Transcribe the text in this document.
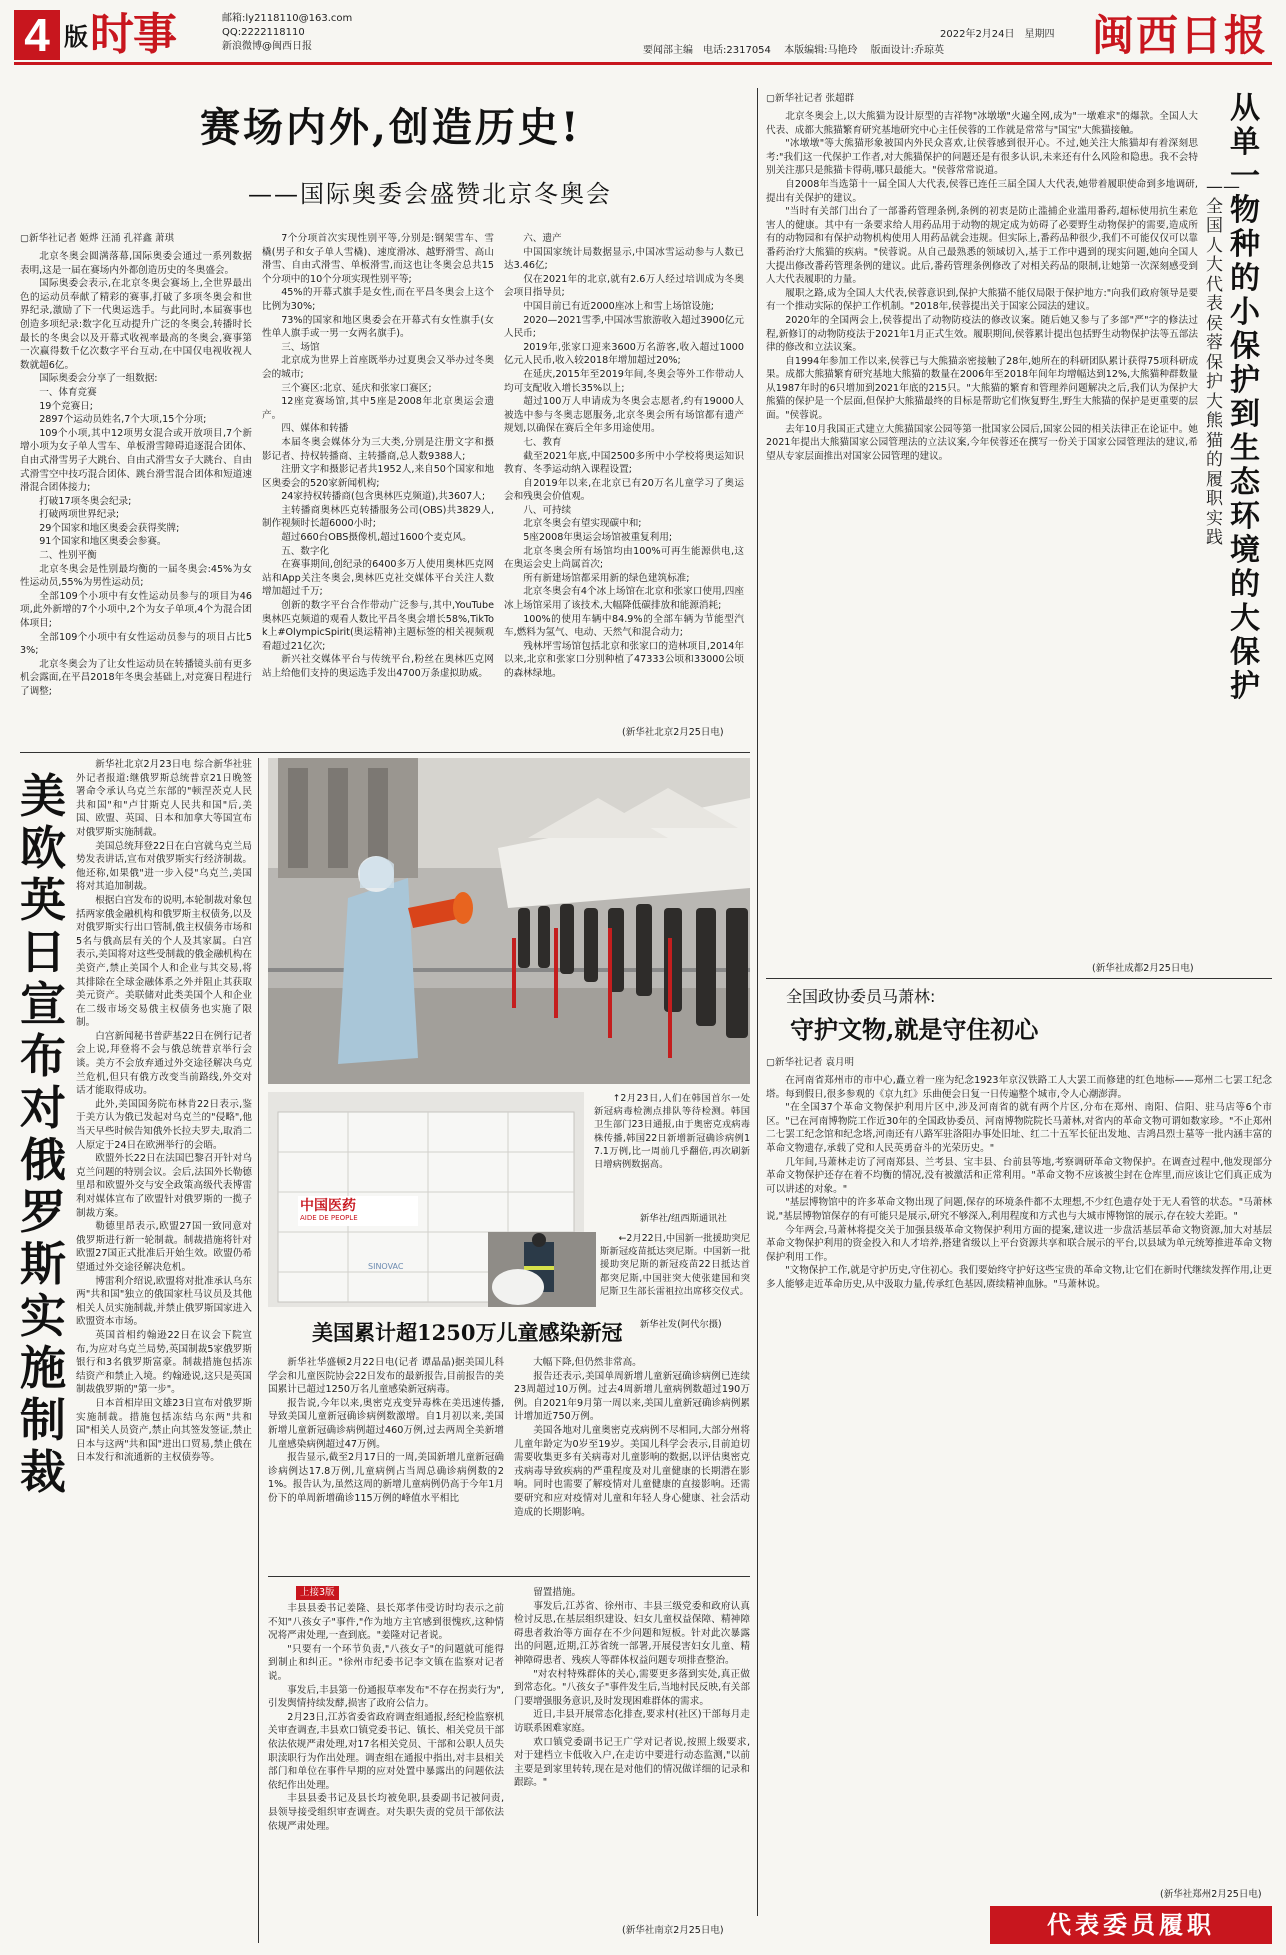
4 版 时事	邮箱:ly2118110@163.com
QQ:2222118110
新浪微博@闽西日报
2022年2月24日　星期四
要闻部主编　电话:2317054　 本版编辑:马艳玲　 版面设计:乔琼英	闽西日报
赛场内外,创造历史!
——国际奥委会盛赞北京冬奥会
▢新华社记者 姬烨 汪涌 孔祥鑫 萧琪

北京冬奥会圆满落幕,国际奥委会通过一系列数据表明,这是一届在赛场内外都创造历史的冬奥盛会。

国际奥委会表示,在北京冬奥会赛场上,全世界最出色的运动员奉献了精彩的赛事,打破了多项冬奥会和世界纪录,激励了下一代奥运选手。与此同时,本届赛事也创造多项纪录:数字化互动提升广泛的冬奥会,转播时长最长的冬奥会以及开幕式收视率最高的冬奥会,赛事第一次赢得数千亿次数字平台互动,在中国仅电视收视人数就超6亿。

国际奥委会分享了一组数据:

一、体育竞赛

19个竞赛日;

2897个运动员姓名,7个大项,15个分项;

109个小项,其中12项男女混合或开放项目,7个新增小项为女子单人雪车、单板滑雪障碍追逐混合团体、自由式滑雪男子大跳台、自由式滑雪女子大跳台、自由式滑雪空中技巧混合团体、跳台滑雪混合团体和短道速滑混合团体接力;

打破17项冬奥会纪录;

打破两项世界纪录;

29个国家和地区奥委会获得奖牌;

91个国家和地区奥委会参赛。

二、性别平衡

北京冬奥会是性别最均衡的一届冬奥会:45%为女性运动员,55%为男性运动员;

全部109个小项中有女性运动员参与的项目为46项,此外新增的7个小项中,2个为女子单项,4个为混合团体项目;

全部109个小项中有女性运动员参与的项目占比53%;

北京冬奥会为了让女性运动员在转播镜头前有更多机会露面,在平昌2018年冬奥会基础上,对竞赛日程进行了调整;

7个分项首次实现性别平等,分别是:钢架雪车、雪橇(男子和女子单人雪橇)、速度滑冰、越野滑雪、高山滑雪、自由式滑雪、单板滑雪,而这也让冬奥会总共15个分项中的10个分项实现性别平等;

45%的开幕式旗手是女性,而在平昌冬奥会上这个比例为30%;

73%的国家和地区奥委会在开幕式有女性旗手(女性单人旗手或一男一女两名旗手)。

三、场馆

北京成为世界上首座既举办过夏奥会又举办过冬奥会的城市;

三个赛区:北京、延庆和张家口赛区;

12座竞赛场馆,其中5座是2008年北京奥运会遗产。

四、媒体和转播

本届冬奥会媒体分为三大类,分别是注册文字和摄影记者、持权转播商、主转播商,总人数9388人;

注册文字和摄影记者共1952人,来自50个国家和地区奥委会的520家新闻机构;

24家持权转播商(包含奥林匹克频道),共3607人;

主转播商奥林匹克转播服务公司(OBS)共3829人,制作视频时长超6000小时;

超过660台OBS摄像机,超过1600个麦克风。

五、数字化

在赛事期间,创纪录的6400多万人使用奥林匹克网站和App关注冬奥会,奥林匹克社交媒体平台关注人数增加超过千万;

创新的数字平台合作带动广泛参与,其中,YouTube奥林匹克频道的观看人数比平昌冬奥会增长58%,TikTok上#OlympicSpirit(奥运精神)主题标签的相关视频观看超过21亿次;

新兴社交媒体平台与传统平台,粉丝在奥林匹克网站上给他们支持的奥运选手发出4700万条虚拟助威。

六、遗产

中国国家统计局数据显示,中国冰雪运动参与人数已达3.46亿;

仅在2021年的北京,就有2.6万人经过培训成为冬奥会项目指导员;

中国目前已有近2000座冰上和雪上场馆设施;

2020—2021雪季,中国冰雪旅游收入超过3900亿元人民币;

2019年,张家口迎来3600万名游客,收入超过1000亿元人民币,收入较2018年增加超过20%;

在延庆,2015年至2019年间,冬奥会等外工作带动人均可支配收入增长35%以上;

超过100万人申请成为冬奥会志愿者,约有19000人被选中参与冬奥志愿服务,北京冬奥会所有场馆都有遗产规划,以确保在赛后全年多用途使用。

七、教育

截至2021年底,中国2500多所中小学校将奥运知识教育、冬季运动纳入课程设置;

自2019年以来,在北京已有20万名儿童学习了奥运会和残奥会价值观。

八、可持续

北京冬奥会有望实现碳中和;

5座2008年奥运会场馆被重复利用;

北京冬奥会所有场馆均由100%可再生能源供电,这在奥运会史上尚属首次;

所有新建场馆都采用新的绿色建筑标准;

北京冬奥会有4个冰上场馆在北京和张家口使用,四座冰上场馆采用了该技术,大幅降低碳排放和能源消耗;

100%的使用车辆中84.9%的全部车辆为节能型汽车,燃料为氢气、电动、天然气和混合动力;

残林坪雪场馆包括北京和张家口的造林项目,2014年以来,北京和张家口分别种植了47333公顷和33000公顷的森林绿地。

(新华社北京2月25日电)
▢新华社记者 张超群	从单一物种的小保护到生态环境的大保护
——全国人大代表侯蓉保护大熊猫的履职实践

北京冬奥会上,以大熊猫为设计原型的吉祥物"冰墩墩"火遍全网,成为"一墩难求"的爆款。全国人大代表、成都大熊猫繁育研究基地研究中心主任侯蓉的工作就是常常与"国宝"大熊猫接触。

"冰墩墩"等大熊猫形象被国内外民众喜欢,让侯蓉感到很开心。不过,她关注大熊猫却有着深刻思考:"我们这一代保护工作者,对大熊猫保护的问题还是有很多认识,未来还有什么风险和隐患。我不会特别关注那只是熊猫卡得萌,哪只最能大。"侯蓉常常说道。

自2008年当选第十一届全国人大代表,侯蓉已连任三届全国人大代表,她带着履职使命到多地调研,提出有关保护的建议。

"当时有关部门出台了一部番药管理条例,条例的初衷是防止滥捕企业滥用番药,超标使用抗生素危害人的健康。其中有一条要求给人用药品用于动物的规定成为妨碍了必要野生动物保护的需要,造成所有的动物园和有保护动物机构使用人用药品就会违规。但实际上,番药品种很少,我们不可能仅仅可以靠番药治疗大熊猫的疾病。"侯蓉说。从自己最熟悉的领域切入,基于工作中遇到的现实问题,她向全国人大提出修改番药管理条例的建议。此后,番药管理条例修改了对相关药品的限制,让她第一次深刻感受到人大代表履职的力量。

履职之路,成为全国人大代表,侯蓉意识到,保护大熊猫不能仅局限于保护地方:"向我们政府领导是要有一个推动实际的保护工作机制。"2018年,侯蓉提出关于国家公园法的建议。

2020年的全国两会上,侯蓉提出了动物防疫法的修改议案。随后她又参与了多部"严"字的修法过程,新修订的动物防疫法于2021年1月正式生效。履职期间,侯蓉累计提出包括野生动物保护法等五部法律的修改和立法议案。

自1994年参加工作以来,侯蓉已与大熊猫亲密接触了28年,她所在的科研团队累计获得75项科研成果。成都大熊猫繁育研究基地大熊猫的数量在2006年至2018年间年均增幅达到12%,大熊猫种群数量从1987年时的6只增加到2021年底的215只。"大熊猫的繁育和管理养问题解决之后,我们认为保护大熊猫的保护是一个层面,但保护大熊猫最终的目标是帮助它们恢复野生,野生大熊猫的保护是更重要的层面。"侯蓉说。

去年10月我国正式建立大熊猫国家公园等第一批国家公园后,国家公园的相关法律正在论证中。她2021年提出大熊猫国家公园管理法的立法议案,今年侯蓉还在撰写一份关于国家公园管理法的建议,希望从专家层面推出对国家公园管理的建议。

(新华社成都2月25日电)
全国政协委员马萧林:
守护文物,就是守住初心
▢新华社记者 袁月明

在河南省郑州市的市中心,矗立着一座为纪念1923年京汉铁路工人大罢工而修建的红色地标——郑州二七罢工纪念塔。每到假日,很多参观的《京九红》乐曲便会日复一日传遍整个城市,令人心潮澎湃。

"在全国37个革命文物保护利用片区中,涉及河南省的就有两个片区,分布在郑州、南阳、信阳、驻马店等6个市区。"已在河南博物院工作近30年的全国政协委员、河南博物院院长马萧林,对省内的革命文物可谓如数家珍。"不止郑州二七罢工纪念馆和纪念塔,河南还有八路军驻洛阳办事处旧址、红二十五军长征出发地、吉鸿昌烈士墓等一批内涵丰富的革命文物遗存,承载了党和人民英勇奋斗的光荣历史。"

几年间,马萧林走访了河南郑县、兰考县、宝丰县、台前县等地,考察调研革命文物保护。在调查过程中,他发现部分革命文物保护还存在着不均衡的情况,没有被激活和正常利用。"革命文物不应该被尘封在仓库里,而应该让它们真正成为可以讲述的对象。"

"基层博物馆中的许多革命文物出现了问题,保存的环境条件都不太理想,不少红色遗存处于无人看管的状态。"马萧林说,"基层博物馆保存的有可能只是展示,研究不够深入,利用程度和方式也与大城市博物馆的展示,存在较大差距。"

今年两会,马萧林将提交关于加强县级革命文物保护利用方面的提案,建议进一步盘活基层革命文物资源,加大对基层革命文物保护利用的资金投入和人才培养,搭建省级以上平台资源共享和联合展示的平台,以县域为单元统筹推进革命文物保护利用工作。

"文物保护工作,就是守护历史,守住初心。我们要始终守护好这些宝贵的革命文物,让它们在新时代继续发挥作用,让更多人能够走近革命历史,从中汲取力量,传承红色基因,赓续精神血脉。"马萧林说。

(新华社郑州2月25日电)
代表委员履职
美欧英日宣布对俄罗斯实施制裁

新华社北京2月23日电 综合新华社驻外记者报道:继俄罗斯总统普京21日晚签署命令承认乌克兰东部的"顿涅茨克人民共和国"和"卢甘斯克人民共和国"后,美国、欧盟、英国、日本和加拿大等国宣布对俄罗斯实施制裁。

美国总统拜登22日在白宫就乌克兰局势发表讲话,宣布对俄罗斯实行经济制裁。他还称,如果俄"进一步入侵"乌克兰,美国将对其追加制裁。

根据白宫发布的说明,本轮制裁对象包括两家俄金融机构和俄罗斯主权债务,以及对俄罗斯实行出口管制,俄主权债务市场和5名与俄高层有关的个人及其家属。白宫表示,美国将对这些受制裁的俄金融机构在美资产,禁止美国个人和企业与其交易,将其排除在全球金融体系之外并阻止其获取美元资产。美联储对此类美国个人和企业在二级市场交易俄主权债务也实施了限制。

白宫新闻秘书普萨基22日在例行记者会上说,拜登将不会与俄总统普京举行会谈。美方不会放弃通过外交途径解决乌克兰危机,但只有俄方改变当前路线,外交对话才能取得成功。

此外,美国国务院布林肯22日表示,鉴于美方认为俄已发起对乌克兰的"侵略",他当天早些时候告知俄外长拉夫罗夫,取消二人原定于24日在欧洲举行的会晤。

欧盟外长22日在法国巴黎召开针对乌克兰问题的特别会议。会后,法国外长勒德里昂和欧盟外交与安全政策高级代表博雷利对媒体宣布了欧盟针对俄罗斯的一揽子制裁方案。

勒德里昂表示,欧盟27国一致同意对俄罗斯进行新一轮制裁。制裁措施将针对欧盟27国正式批准后开始生效。欧盟仍希望通过外交途径解决危机。

博雷利介绍说,欧盟将对批准承认乌东两"共和国"独立的俄国家杜马议员及其他相关人员实施制裁,并禁止俄罗斯国家进入欧盟资本市场。

英国首相约翰逊22日在议会下院宣布,为应对乌克兰局势,英国制裁5家俄罗斯银行和3名俄罗斯富豪。制裁措施包括冻结资产和禁止入境。约翰逊说,这只是英国制裁俄罗斯的"第一步"。

日本首相岸田文雄23日宣布对俄罗斯实施制裁。措施包括冻结乌东两"共和国"相关人员资产,禁止向其签发签证,禁止日本与这两"共和国"进出口贸易,禁止俄在日本发行和流通新的主权债券等。

中国医药
AIDE DE PEOPLE
SINOVAC

↑2月23日,人们在韩国首尔一处新冠病毒检测点排队等待检测。韩国卫生部门23日通报,由于奥密克戎病毒株传播,韩国22日新增新冠确诊病例17.1万例,比一周前几乎翻倍,再次刷新日增病例数据高。

新华社/纽西斯通讯社

←2月22日,中国新一批援助突尼斯新冠疫苗抵达突尼斯。中国新一批援助突尼斯的新冠疫苗22日抵达首都突尼斯,中国驻突大使张建国和突尼斯卫生部长雷祖拉出席移交仪式。

新华社发(阿代尔摄)
美国累计超1250万儿童感染新冠

新华社华盛顿2月22日电(记者 谭晶晶)据美国儿科学会和儿童医院协会22日发布的最新报告,目前报告的美国累计已超过1250万名儿童感染新冠病毒。

报告说,今年以来,奥密克戎变异毒株在美迅速传播,导致美国儿童新冠确诊病例数激增。自1月初以来,美国新增儿童新冠确诊病例超过460万例,过去两周全美新增儿童感染病例超过47万例。

报告显示,截至2月17日的一周,美国新增儿童新冠确诊病例达17.8万例,儿童病例占当周总确诊病例数的21%。报告认为,虽然这周的新增儿童病例仍高于今年1月份下的单周新增确诊115万例的峰值水平相比

大幅下降,但仍然非常高。

报告还表示,美国单周新增儿童新冠确诊病例已连续23周超过10万例。过去4周新增儿童病例数超过190万例。自2021年9月第一周以来,美国儿童新冠确诊病例累计增加近750万例。

美国各地对儿童奥密克戎病例不尽相同,大部分州将儿童年龄定为0岁至19岁。美国儿科学会表示,目前迫切需要收集更多有关病毒对儿童影响的数据,以评估奥密克戎病毒导致疾病的严重程度及对儿童健康的长期潜在影响。同时也需要了解疫情对儿童健康的直接影响。还需要研究和应对疫情对儿童和年轻人身心健康、社会活动造成的长期影响。

上接3版

丰县县委书记姜隆、县长郑孝伟受访时均表示之前不知"八孩女子"事件,"作为地方主官感到很愧疚,这种情况将严肃处理,一查到底。"姜隆对记者说。

"只要有一个环节负责,"八孩女子"的问题就可能得到制止和纠正。"徐州市纪委书记李文镇在监察对记者说。

事发后,丰县第一份通报草率发布"不存在拐卖行为",引发舆情持续发酵,损害了政府公信力。

2月23日,江苏省委省政府调查组通报,经纪检监察机关审查调查,丰县欢口镇党委书记、镇长、相关党员干部依法依规严肃处理,对17名相关党员、干部和公职人员失职渎职行为作出处理。调查组在通报中指出,对丰县相关部门和单位在事件早期的应对处置中暴露出的问题依法依纪作出处理。

丰县县委书记及县长均被免职,县委副书记被问责,县领导接受组织审查调查。对失职失责的党员干部依法依规严肃处理。

留置措施。

事发后,江苏省、徐州市、丰县三级党委和政府认真检讨反思,在基层组织建设、妇女儿童权益保障、精神障碍患者救治等方面存在不少问题和短板。针对此次暴露出的问题,近期,江苏省统一部署,开展侵害妇女儿童、精神障碍患者、残疾人等群体权益问题专项排查整治。

"对农村特殊群体的关心,需要更多落到实处,真正做到常态化。"八孩女子"事件发生后,当地村民反映,有关部门要增强服务意识,及时发现困难群体的需求。

近日,丰县开展常态化排查,要求村(社区)干部每月走访联系困难家庭。

欢口镇党委副书记王广学对记者说,按照上级要求,对于建档立卡低收入户,在走访中要进行动态监测,"以前主要是到家里转转,现在是对他们的情况做详细的记录和跟踪。"

(新华社南京2月25日电)
